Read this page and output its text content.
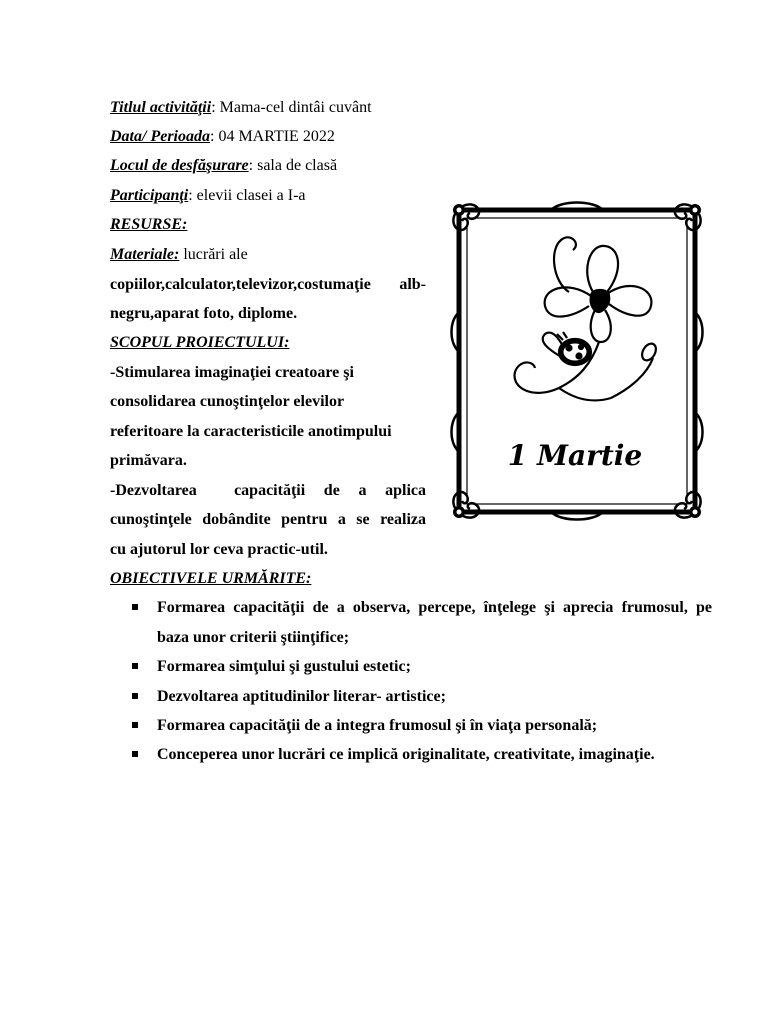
Titlul activităţii: Mama-cel dintâi cuvânt
Data/ Perioada: 04 MARTIE 2022
Locul de desfăşurare: sala de clasă
Participanţi: elevii clasei a I-a
RESURSE:
Materiale: lucrări ale
copiilor,calculator,televizor,costumaţie alb-
negru,aparat foto, diplome.
SCOPUL PROIECTULUI:
-Stimularea imaginaţiei creatoare şi
consolidarea cunoştinţelor elevilor
referitoare la caracteristicile anotimpului
primăvara.
-Dezvoltarea    capacităţii  de  a  aplica
cunoştinţele dobândite pentru a se realiza
cu ajutorul lor ceva practic-util.
OBIECTIVELE URMĂRITE:
Formarea capacităţii de a observa, percepe, înţelege şi aprecia frumosul, pe
baza unor criterii ştiinţifice;
Formarea simţului şi gustului estetic;
Dezvoltarea aptitudinilor literar- artistice;
Formarea capacităţii de a integra frumosul şi în viaţa personală;
Conceperea unor lucrări ce implică originalitate, creativitate, imaginaţie.
1 Martie
